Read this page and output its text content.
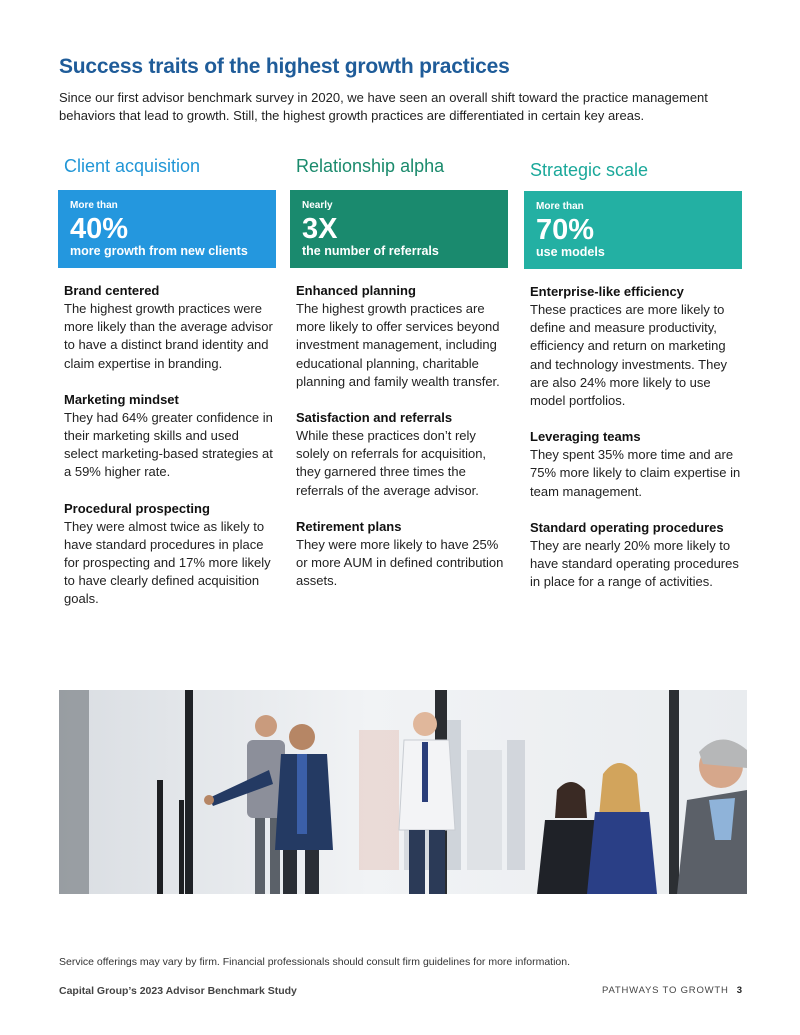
Success traits of the highest growth practices

Since our first advisor benchmark survey in 2020, we have seen an overall shift toward the practice management behaviors that lead to growth. Still, the highest growth practices are differentiated in certain key areas.

Client acquisition
More than
40%
more growth from new clients
Brand centered
The highest growth practices were more likely than the average advisor to have a distinct brand identity and claim expertise in branding.
Marketing mindset
They had 64% greater confidence in their marketing skills and used select marketing-based strategies at a 59% higher rate.
Procedural prospecting
They were almost twice as likely to have standard procedures in place for prospecting and 17% more likely to have clearly defined acquisition goals.
Relationship alpha
Nearly
3X
the number of referrals
Enhanced planning
The highest growth practices are more likely to offer services beyond investment management, including educational planning, charitable planning and family wealth transfer.
Satisfaction and referrals
While these practices don’t rely solely on referrals for acquisition, they garnered three times the referrals of the average advisor.
Retirement plans
They were more likely to have 25% or more AUM in defined contribution assets.
Strategic scale
More than
70%
use models
Enterprise-like efficiency
These practices are more likely to define and measure productivity, efficiency and return on marketing and technology investments. They are also 24% more likely to use model portfolios.
Leveraging teams
They spent 35% more time and are 75% more likely to claim expertise in team management.
Standard operating procedures
They are nearly 20% more likely to have standard operating procedures in place for a range of activities.

Service offerings may vary by firm. Financial professionals should consult firm guidelines for more information.

Capital Group’s 2023 Advisor Benchmark Study	PATHWAYS TO GROWTH 3
